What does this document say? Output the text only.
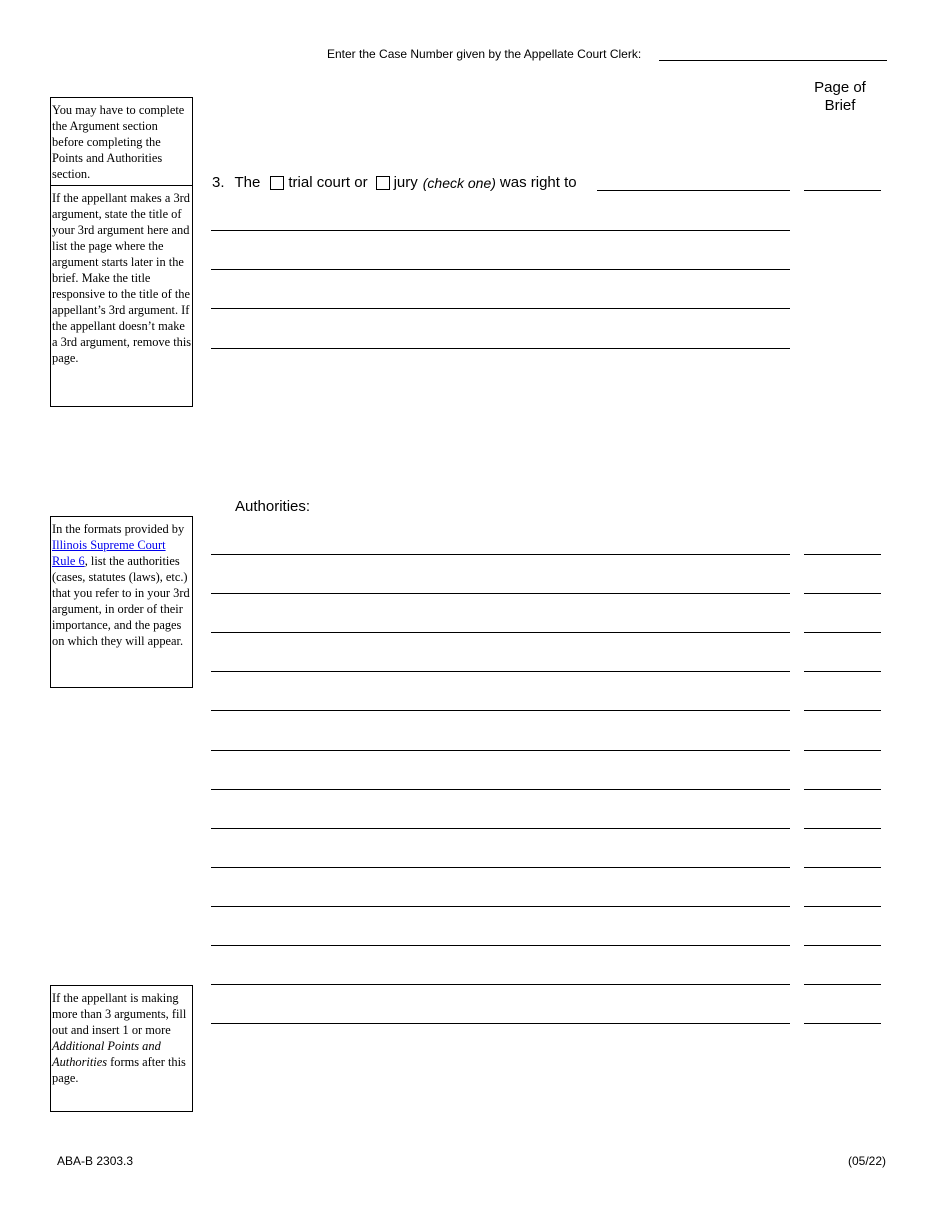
Enter the Case Number given by the Appellate Court Clerk:
Page of
Brief

You may have to complete the Argument section before completing the Points and Authorities section.

If the appellant makes a 3rd argument, state the title of your 3rd argument here and list the page where the argument starts later in the brief. Make the title responsive to the title of the appellant’s 3rd argument. If the appellant doesn’t make a 3rd argument, remove this page.

In the formats provided by Illinois Supreme Court Rule 6, list the authorities (cases, statutes (laws), etc.) that you refer to in your 3rd argument, in order of their importance, and the pages on which they will appear.

If the appellant is making more than 3 arguments, fill out and insert 1 or more Additional Points and Authorities forms after this page.

3. The trial court or jury (check one) was right to
Authorities:
ABA-B 2303.3	(05/22)
